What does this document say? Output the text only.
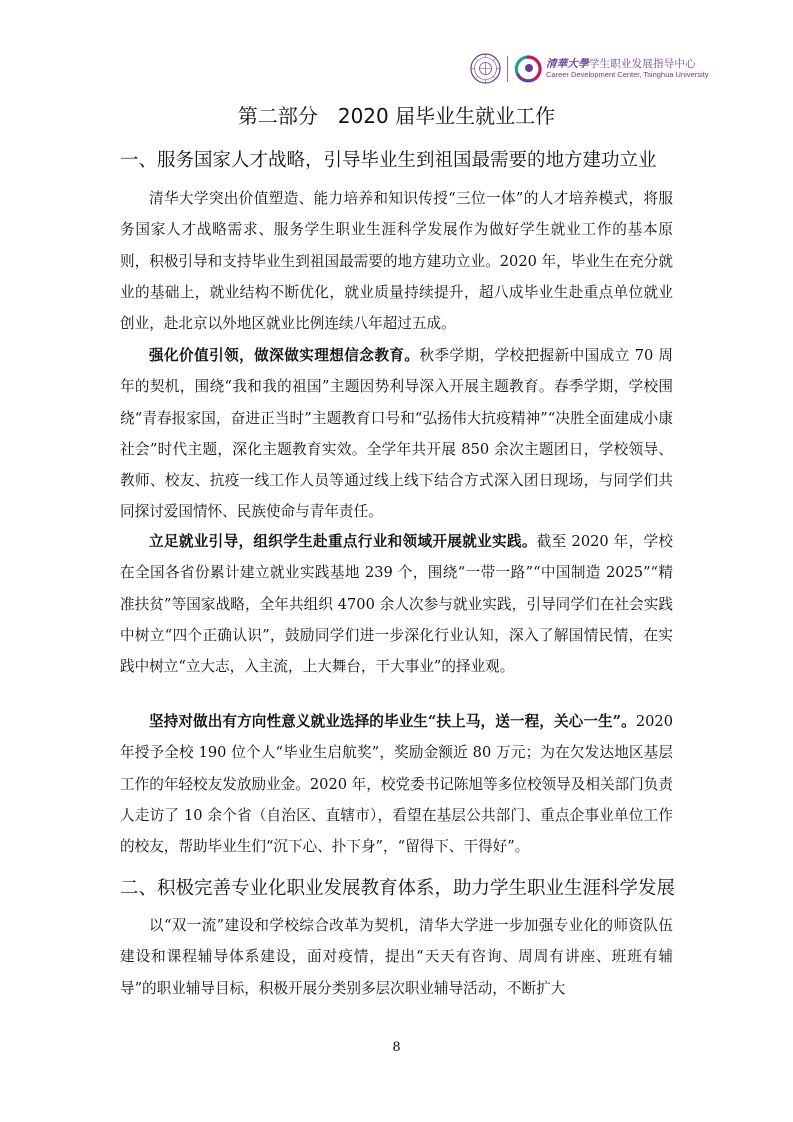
清華大學学生职业发展指导中心
Career Development Center, Tsinghua University
第二部分　2020 届毕业生就业工作
一、服务国家人才战略，引导毕业生到祖国最需要的地方建功立业

清华大学突出价值塑造、能力培养和知识传授“三位一体”的人才培养模式，将服务国家人才战略需求、服务学生职业生涯科学发展作为做好学生就业工作的基本原则，积极引导和支持毕业生到祖国最需要的地方建功立业。2020 年，毕业生在充分就业的基础上，就业结构不断优化，就业质量持续提升，超八成毕业生赴重点单位就业创业，赴北京以外地区就业比例连续八年超过五成。

强化价值引领，做深做实理想信念教育。秋季学期，学校把握新中国成立 70 周年的契机，围绕“我和我的祖国”主题因势利导深入开展主题教育。春季学期，学校围绕“青春报家国，奋进正当时”主题教育口号和“弘扬伟大抗疫精神”“决胜全面建成小康社会”时代主题，深化主题教育实效。全学年共开展 850 余次主题团日，学校领导、教师、校友、抗疫一线工作人员等通过线上线下结合方式深入团日现场，与同学们共同探讨爱国情怀、民族使命与青年责任。

立足就业引导，组织学生赴重点行业和领域开展就业实践。截至 2020 年，学校在全国各省份累计建立就业实践基地 239 个，围绕“一带一路”“中国制造 2025”“精准扶贫”等国家战略，全年共组织 4700 余人次参与就业实践，引导同学们在社会实践中树立“四个正确认识”，鼓励同学们进一步深化行业认知，深入了解国情民情，在实践中树立“立大志，入主流，上大舞台，干大事业”的择业观。

坚持对做出有方向性意义就业选择的毕业生“扶上马，送一程，关心一生”。2020 年授予全校 190 位个人“毕业生启航奖”，奖励金额近 80 万元；为在欠发达地区基层工作的年轻校友发放励业金。2020 年，校党委书记陈旭等多位校领导及相关部门负责人走访了 10 余个省（自治区、直辖市），看望在基层公共部门、重点企事业单位工作的校友，帮助毕业生们“沉下心、扑下身”，“留得下、干得好”。

二、积极完善专业化职业发展教育体系，助力学生职业生涯科学发展

以“双一流”建设和学校综合改革为契机，清华大学进一步加强专业化的师资队伍建设和课程辅导体系建设，面对疫情，提出“天天有咨询、周周有讲座、班班有辅导”的职业辅导目标，积极开展分类别多层次职业辅导活动，不断扩大

8
